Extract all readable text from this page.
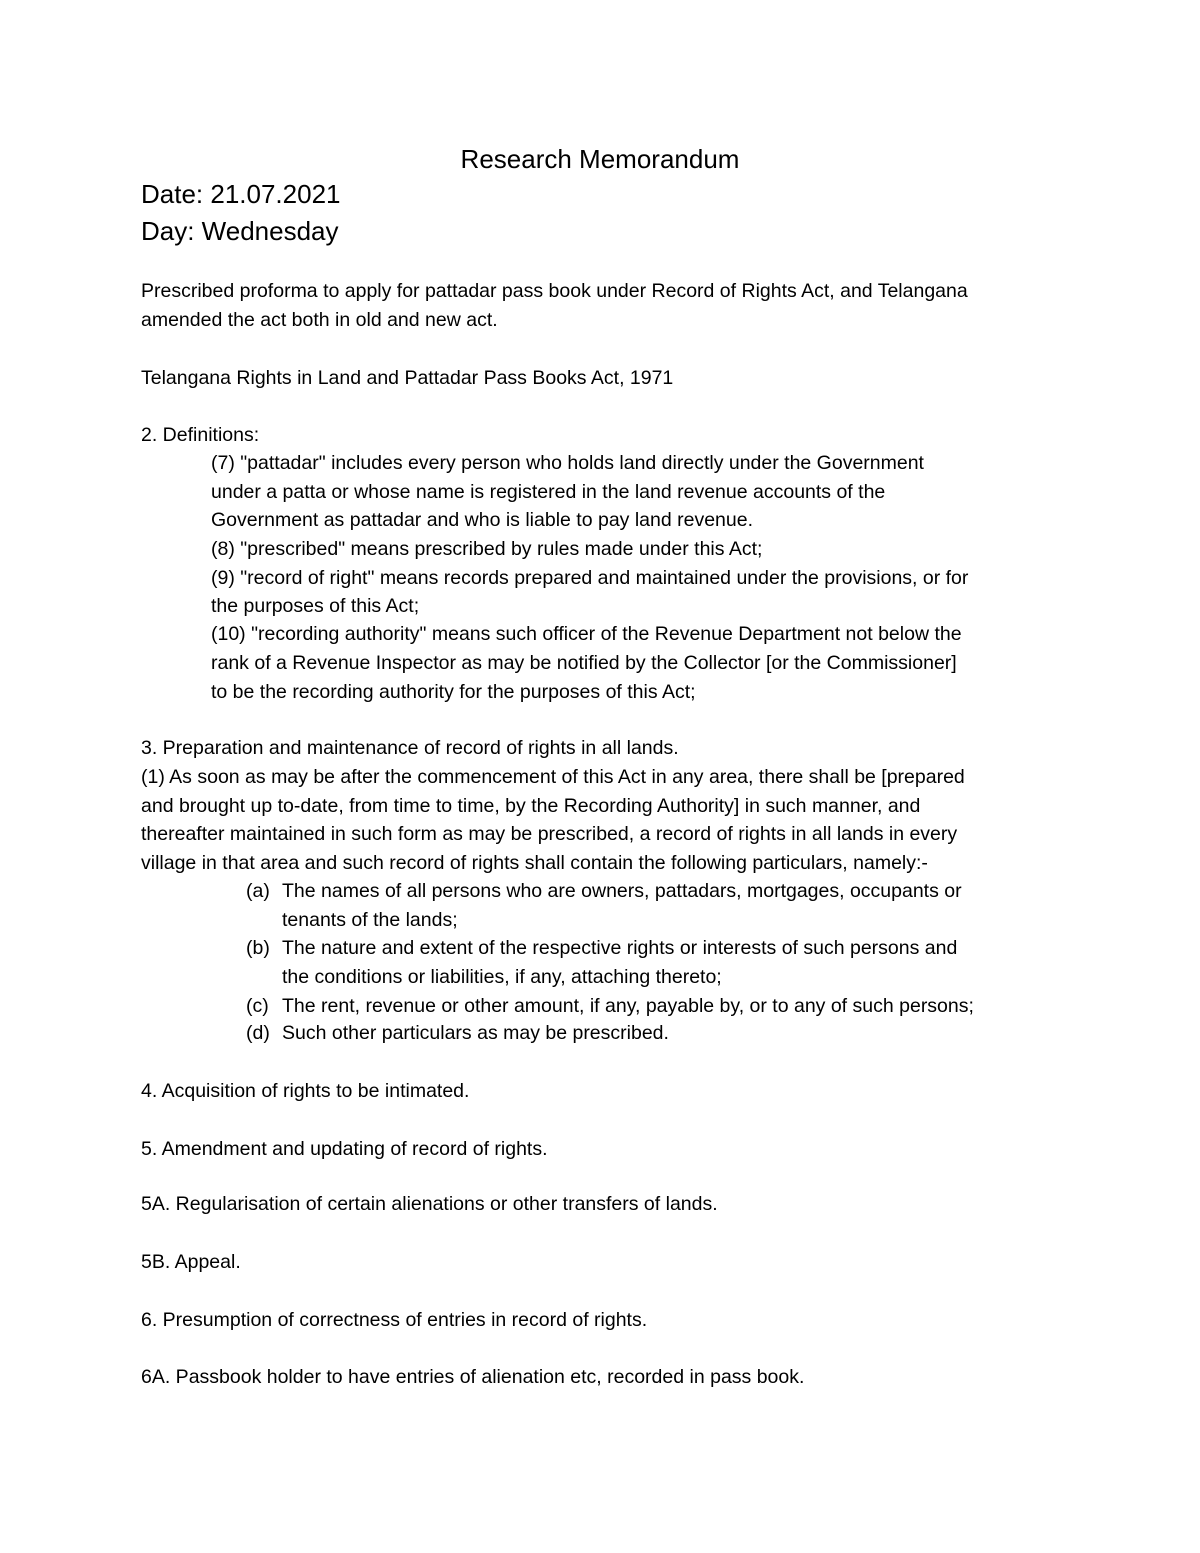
Research Memorandum
Date: 21.07.2021
Day: Wednesday
Prescribed proforma to apply for pattadar pass book under Record of Rights Act, and Telangana
amended the act both in old and new act.
Telangana Rights in Land and Pattadar Pass Books Act, 1971
2. Definitions:
(7) "pattadar" includes every person who holds land directly under the Government
under a patta or whose name is registered in the land revenue accounts of the
Government as pattadar and who is liable to pay land revenue.
(8) "prescribed" means prescribed by rules made under this Act;
(9) "record of right" means records prepared and maintained under the provisions, or for
the purposes of this Act;
(10) "recording authority" means such officer of the Revenue Department not below the
rank of a Revenue Inspector as may be notified by the Collector [or the Commissioner]
to be the recording authority for the purposes of this Act;
3. Preparation and maintenance of record of rights in all lands.
(1) As soon as may be after the commencement of this Act in any area, there shall be [prepared
and brought up to-date, from time to time, by the Recording Authority] in such manner, and
thereafter maintained in such form as may be prescribed, a record of rights in all lands in every
village in that area and such record of rights shall contain the following particulars, namely:-
(a) The names of all persons who are owners, pattadars, mortgages, occupants or
tenants of the lands;
(b) The nature and extent of the respective rights or interests of such persons and
the conditions or liabilities, if any, attaching thereto;
(c) The rent, revenue or other amount, if any, payable by, or to any of such persons;
(d) Such other particulars as may be prescribed.
4. Acquisition of rights to be intimated.
5. Amendment and updating of record of rights.
5A. Regularisation of certain alienations or other transfers of lands.
5B. Appeal.
6. Presumption of correctness of entries in record of rights.
6A. Passbook holder to have entries of alienation etc, recorded in pass book.
